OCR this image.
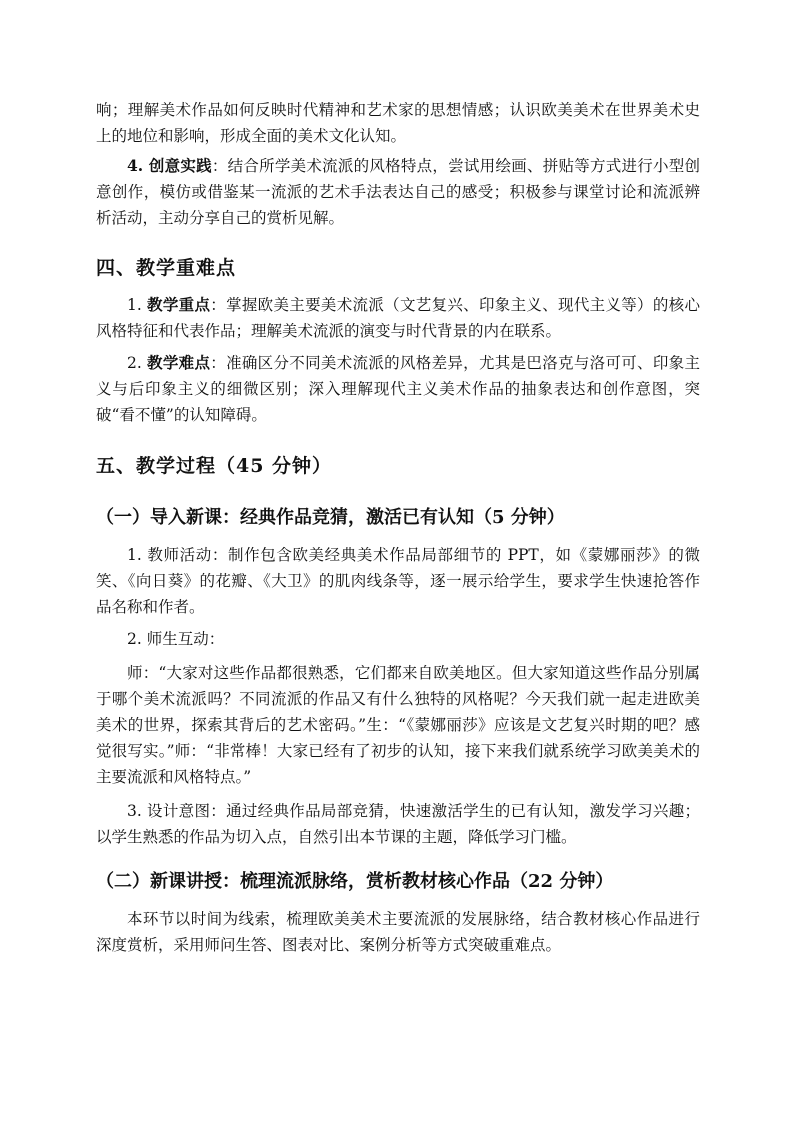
响；理解美术作品如何反映时代精神和艺术家的思想情感；认识欧美美术在世界美术史上的地位和影响，形成全面的美术文化认知。

4. 创意实践：结合所学美术流派的风格特点，尝试用绘画、拼贴等方式进行小型创意创作，模仿或借鉴某一流派的艺术手法表达自己的感受；积极参与课堂讨论和流派辨析活动，主动分享自己的赏析见解。

四、教学重难点

1. 教学重点：掌握欧美主要美术流派（文艺复兴、印象主义、现代主义等）的核心风格特征和代表作品；理解美术流派的演变与时代背景的内在联系。

2. 教学难点：准确区分不同美术流派的风格差异，尤其是巴洛克与洛可可、印象主义与后印象主义的细微区别；深入理解现代主义美术作品的抽象表达和创作意图，突破“看不懂”的认知障碍。

五、教学过程（45 分钟）
（一）导入新课：经典作品竞猜，激活已有认知（5 分钟）

1. 教师活动：制作包含欧美经典美术作品局部细节的 PPT，如《蒙娜丽莎》的微笑、《向日葵》的花瓣、《大卫》的肌肉线条等，逐一展示给学生，要求学生快速抢答作品名称和作者。

2. 师生互动：

师：“大家对这些作品都很熟悉，它们都来自欧美地区。但大家知道这些作品分别属于哪个美术流派吗？不同流派的作品又有什么独特的风格呢？今天我们就一起走进欧美美术的世界，探索其背后的艺术密码。”生：“《蒙娜丽莎》应该是文艺复兴时期的吧？感觉很写实。”师：“非常棒！大家已经有了初步的认知，接下来我们就系统学习欧美美术的主要流派和风格特点。”

3. 设计意图：通过经典作品局部竞猜，快速激活学生的已有认知，激发学习兴趣；以学生熟悉的作品为切入点，自然引出本节课的主题，降低学习门槛。

（二）新课讲授：梳理流派脉络，赏析教材核心作品（22 分钟）

本环节以时间为线索，梳理欧美美术主要流派的发展脉络，结合教材核心作品进行深度赏析，采用师问生答、图表对比、案例分析等方式突破重难点。
